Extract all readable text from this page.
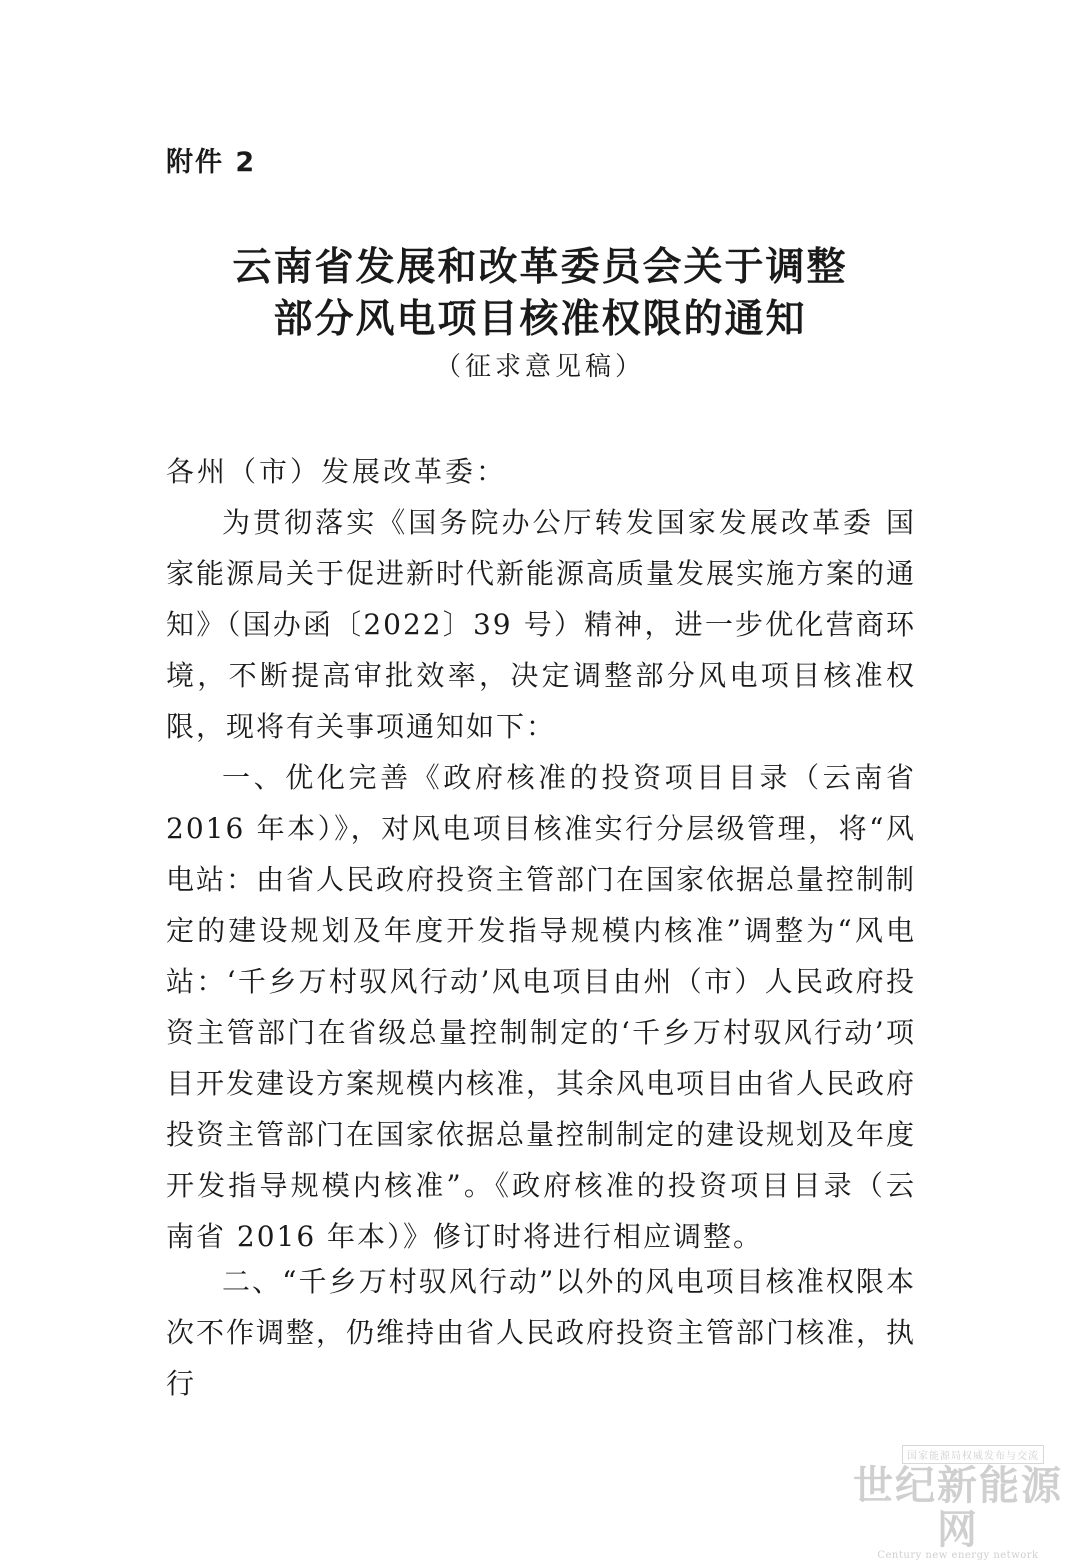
附件 2
云南省发展和改革委员会关于调整
部分风电项目核准权限的通知
（征求意见稿）

各州（市）发展改革委：

为贯彻落实《国务院办公厅转发国家发展改革委 国家能源局关于促进新时代新能源高质量发展实施方案的通知》（国办函〔2022〕39 号）精神，进一步优化营商环境，不断提高审批效率，决定调整部分风电项目核准权限，现将有关事项通知如下：

一、优化完善《政府核准的投资项目目录（云南省 2016 年本）》，对风电项目核准实行分层级管理，将“风电站：由省人民政府投资主管部门在国家依据总量控制制定的建设规划及年度开发指导规模内核准”调整为“风电站：‘千乡万村驭风行动’风电项目由州（市）人民政府投资主管部门在省级总量控制制定的‘千乡万村驭风行动’项目开发建设方案规模内核准，其余风电项目由省人民政府投资主管部门在国家依据总量控制制定的建设规划及年度开发指导规模内核准”。《政府核准的投资项目目录（云南省 2016 年本）》修订时将进行相应调整。

二、“千乡万村驭风行动”以外的风电项目核准权限本次不作调整，仍维持由省人民政府投资主管部门核准，执行

国家能源局权威发布与交流
世纪新能源网
Century new energy network
